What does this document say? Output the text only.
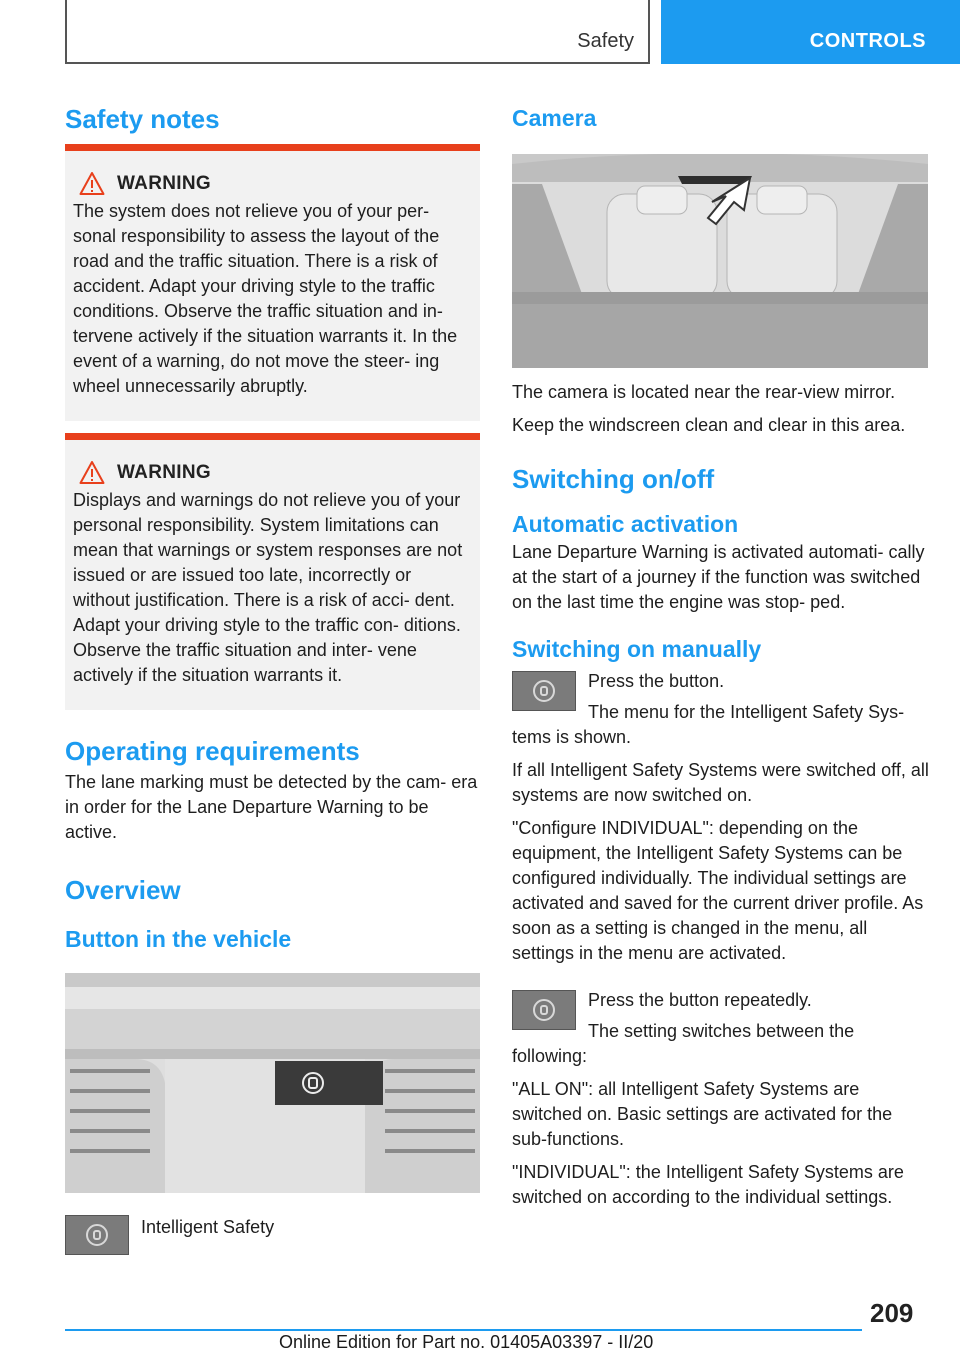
Safety	CONTROLS
Safety notes
WARNING

The system does not relieve you of your per- sonal responsibility to assess the layout of the road and the traffic situation. There is a risk of accident. Adapt your driving style to the traffic conditions. Observe the traffic situation and in- tervene actively if the situation warrants it. In the event of a warning, do not move the steer- ing wheel unnecessarily abruptly.

WARNING

Displays and warnings do not relieve you of your personal responsibility. System limitations can mean that warnings or system responses are not issued or are issued too late, incorrectly or without justification. There is a risk of acci- dent. Adapt your driving style to the traffic con- ditions. Observe the traffic situation and inter- vene actively if the situation warrants it.

Operating requirements

The lane marking must be detected by the cam- era in order for the Lane Departure Warning to be active.

Overview
Button in the vehicle

Intelligent Safety

Camera

The camera is located near the rear-view mirror.

Keep the windscreen clean and clear in this area.

Switching on/off
Automatic activation

Lane Departure Warning is activated automati- cally at the start of a journey if the function was switched on the last time the engine was stop- ped.

Switching on manually

Press the button.

The menu for the Intelligent Safety Sys- tems is shown.

If all Intelligent Safety Systems were switched off, all systems are now switched on.

"Configure INDIVIDUAL": depending on the equipment, the Intelligent Safety Systems can be configured individually. The individual settings are activated and saved for the current driver profile. As soon as a setting is changed in the menu, all settings in the menu are activated.

Press the button repeatedly.

The setting switches between the following:

"ALL ON": all Intelligent Safety Systems are switched on. Basic settings are activated for the sub-functions.

"INDIVIDUAL": the Intelligent Safety Systems are switched on according to the individual settings.

209
Online Edition for Part no. 01405A03397 - II/20
